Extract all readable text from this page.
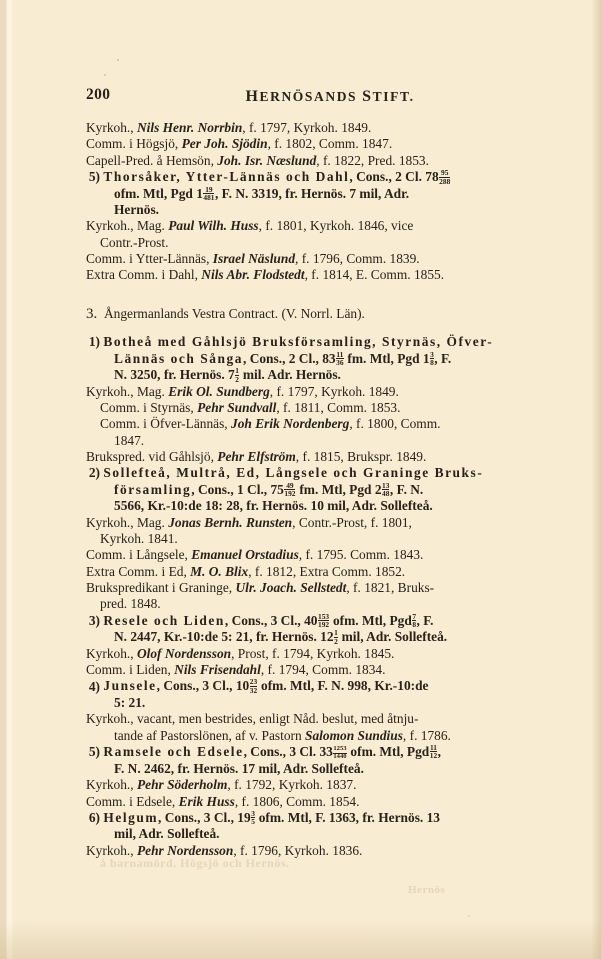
å barnamörd. Högsjö och Hernös.
Hernös
200	HERNÖSANDS STIFT.
Kyrkoh., Nils Henr. Norrbin, f. 1797, Kyrkoh. 1849.
Comm. i Högsjö, Per Joh. Sjödin, f. 1802, Comm. 1847.
Capell-Pred. å Hemsön, Joh. Isr. Næslund, f. 1822, Pred. 1853.
5) Thorsåker, Ytter-Lännäs och Dahl, Cons., 2 Cl. $78 \frac{95}{288}$
ofm. Mtl, Pgd $1 \frac{19}{481}$ , F. N. 3319, fr. Hernös. 7 mil, Adr.
Hernös.
Kyrkoh., Mag. Paul Wilh. Huss, f. 1801, Kyrkoh. 1846, vice
Contr.-Prost.
Comm. i Ytter-Lännäs, Israel Näslund, f. 1796, Comm. 1839.
Extra Comm. i Dahl, Nils Abr. Flodstedt, f. 1814, E. Comm. 1855.
3. Ångermanlands Vestra Contract. (V. Norrl. Län).
1) Botheå med Gåhlsjö Bruksförsamling, Styrnäs, Öfver-
Lännäs och Sånga, Cons., 2 Cl., $83 \frac{11}{36}$ fm. Mtl, Pgd $1 \frac{3}{8}$ , F.
N. 3250, fr. Hernös. $7 \frac{1}{2}$ mil. Adr. Hernös.
Kyrkoh., Mag. Erik Ol. Sundberg, f. 1797, Kyrkoh. 1849.
Comm. i Styrnäs, Pehr Sundvall, f. 1811, Comm. 1853.
Comm. i Öfver-Lännäs, Joh Erik Nordenberg, f. 1800, Comm.
1847.
Brukspred. vid Gåhlsjö, Pehr Elfström, f. 1815, Brukspr. 1849.
2) Sollefteå, Multrå, Ed, Långsele och Graninge Bruks-
församling, Cons., 1 Cl., $75 \frac{49}{192}$ fm. Mtl, Pgd $2 \frac{13}{48}$ , F. N.
5566, Kr.-10:de 18: 28, fr. Hernös. 10 mil, Adr. Sollefteå.
Kyrkoh., Mag. Jonas Bernh. Runsten, Contr.-Prost, f. 1801,
Kyrkoh. 1841.
Comm. i Långsele, Emanuel Orstadius, f. 1795. Comm. 1843.
Extra Comm. i Ed, M. O. Blix, f. 1812, Extra Comm. 1852.
Brukspredikant i Graninge, Ulr. Joach. Sellstedt, f. 1821, Bruks-
pred. 1848.
3) Resele och Liden, Cons., 3 Cl., $40 \frac{153}{192}$ ofm. Mtl, Pgd $\frac{7}{8}$ , F.
N. 2447, Kr.-10:de 5: 21, fr. Hernös. $12 \frac{1}{2}$ mil, Adr. Sollefteå.
Kyrkoh., Olof Nordensson, Prost, f. 1794, Kyrkoh. 1845.
Comm. i Liden, Nils Frisendahl, f. 1794, Comm. 1834.
4) Junsele, Cons., 3 Cl., $10 \frac{23}{32}$ ofm. Mtl, F. N. 998, Kr.-10:de
5: 21.
Kyrkoh., vacant, men bestrides, enligt Nåd. beslut, med åtnju-
tande af Pastorslönen, af v. Pastorn Salomon Sundius, f. 1786.
5) Ramsele och Edsele, Cons., 3 Cl. $33 \frac{1253}{1440}$ ofm. Mtl, Pgd $\frac{11}{12}$ ,
F. N. 2462, fr. Hernös. 17 mil, Adr. Sollefteå.
Kyrkoh., Pehr Söderholm, f. 1792, Kyrkoh. 1837.
Comm. i Edsele, Erik Huss, f. 1806, Comm. 1854.
6) Helgum, Cons., 3 Cl., $19 \frac{3}{5}$ ofm. Mtl, F. 1363, fr. Hernös. 13
mil, Adr. Sollefteå.
Kyrkoh., Pehr Nordensson, f. 1796, Kyrkoh. 1836.
